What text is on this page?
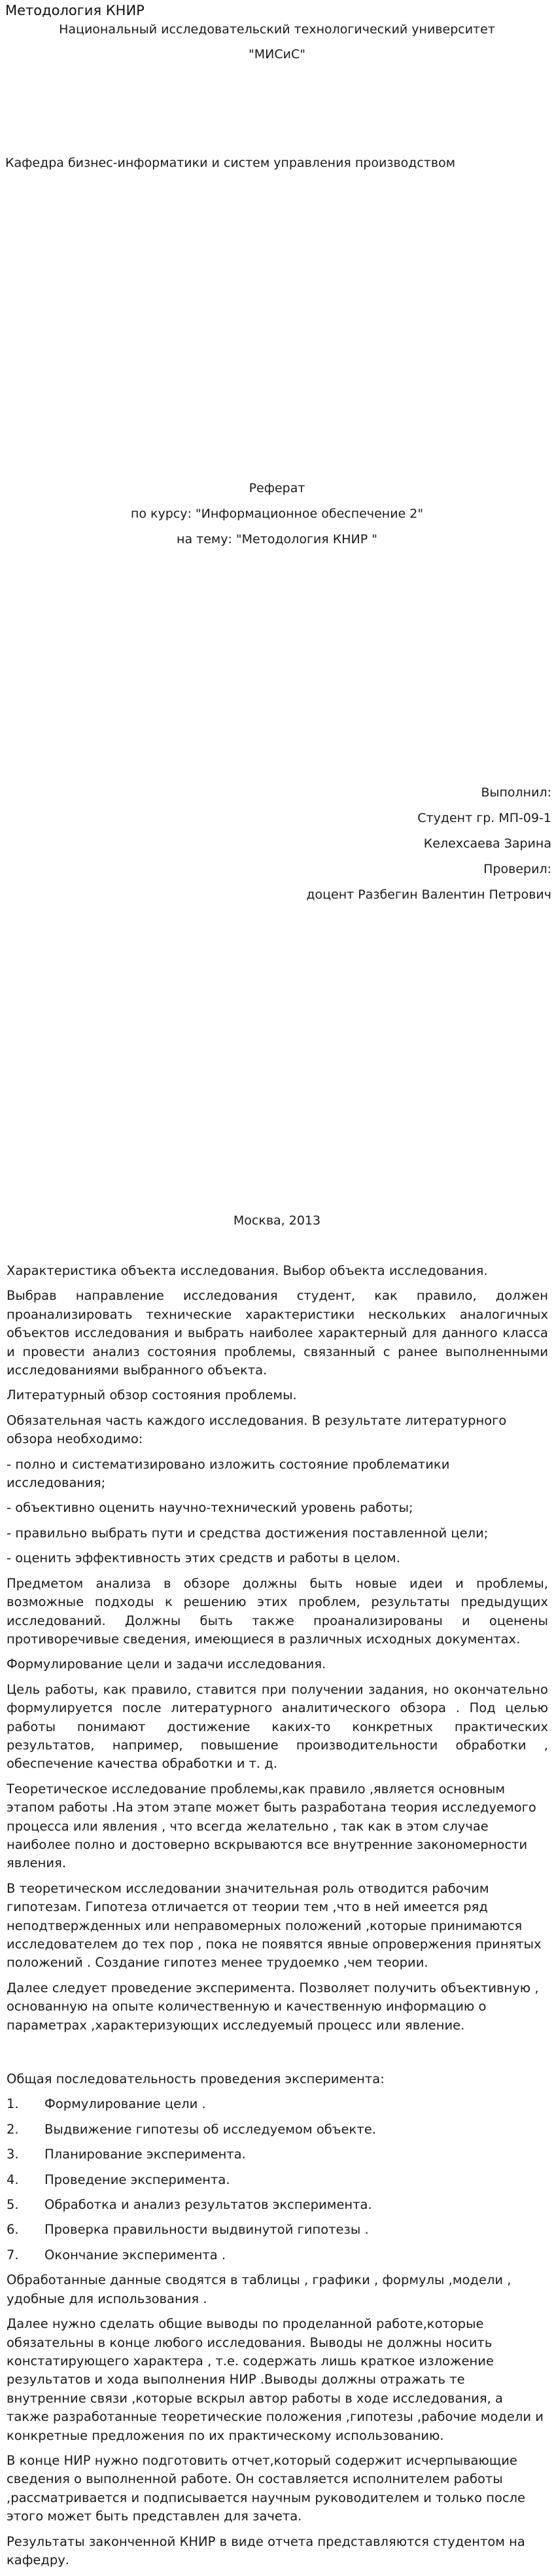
Методология КНИР

Национальный исследовательский технологический университет

"МИСиС"

Кафедра бизнес-информатики и систем управления производством

Реферат

по курсу: "Информационное обеспечение 2"

на тему: "Методология КНИР "

Выполнил:

Студент гр. МП-09-1

Келехсаева Зарина

Проверил:

доцент Разбегин Валентин Петрович

Москва, 2013

Характеристика объекта исследования. Выбор объекта исследования.

Выбрав направление исследования студент, как правило, должен проанализировать технические характеристики нескольких аналогичных объектов исследования и выбрать наиболее характерный для данного класса и провести анализ состояния проблемы, связанный с ранее выполненными исследованиями выбранного объекта.

Литературный обзор состояния проблемы.

Обязательная часть каждого исследования. В результате литературного обзора необходимо:

- полно и систематизировано изложить состояние проблематики исследования;

- объективно оценить научно-технический уровень работы;

- правильно выбрать пути и средства достижения поставленной цели;

- оценить эффективность этих средств и работы в целом.

Предметом анализа в обзоре должны быть новые идеи и проблемы, возможные подходы к решению этих проблем, результаты предыдущих исследований. Должны быть также проанализированы и оценены противоречивые сведения, имеющиеся в различных исходных документах.

Формулирование цели и задачи исследования.

Цель работы, как правило, ставится при получении задания, но окончательно формулируется после литературного аналитического обзора . Под целью работы понимают достижение каких-то конкретных практических результатов, например, повышение производительности обработки , обеспечение качества обработки и т. д.

Теоретическое исследование проблемы,как правило ,является основным этапом работы .На этом этапе может быть разработана теория исследуемого процесса или явления , что всегда желательно , так как в этом случае наиболее полно и достоверно вскрываются все внутренние закономерности явления.

В теоретическом исследовании значительная роль отводится рабочим гипотезам. Гипотеза отличается от теории тем ,что в ней имеется ряд неподтвержденных или неправомерных положений ,которые принимаются исследователем до тех пор , пока не появятся явные опровержения принятых положений . Создание гипотез менее трудоемко ,чем теории.

Далее следует проведение эксперимента. Позволяет получить объективную , основанную на опыте количественную и качественную информацию о параметрах ,характеризующих исследуемый процесс или явление.

Общая последовательность проведения эксперимента:

1.	Формулирование цели .
2.	Выдвижение гипотезы об исследуемом объекте.
3.	Планирование эксперимента.
4.	Проведение эксперимента.
5.	Обработка и анализ результатов эксперимента.
6.	Проверка правильности выдвинутой гипотезы .
7.	Окончание эксперимента .

Обработанные данные сводятся в таблицы , графики , формулы ,модели , удобные для использования .

Далее нужно сделать общие выводы по проделанной работе,которые обязательны в конце любого исследования. Выводы не должны носить констатирующего характера , т.е. содержать лишь краткое изложение результатов и хода выполнения НИР .Выводы должны отражать те внутренние связи ,которые вскрыл автор работы в ходе исследования, а также разработанные теоретические положения ,гипотезы ,рабочие модели и конкретные предложения по их практическому использованию.

В конце НИР нужно подготовить отчет,который содержит исчерпывающие сведения о выполненной работе. Он составляется исполнителем работы ,рассматривается и подписывается научным руководителем и только после этого может быть представлен для зачета.

Результаты законченной КНИР в виде отчета представляются студентом на кафедру.
